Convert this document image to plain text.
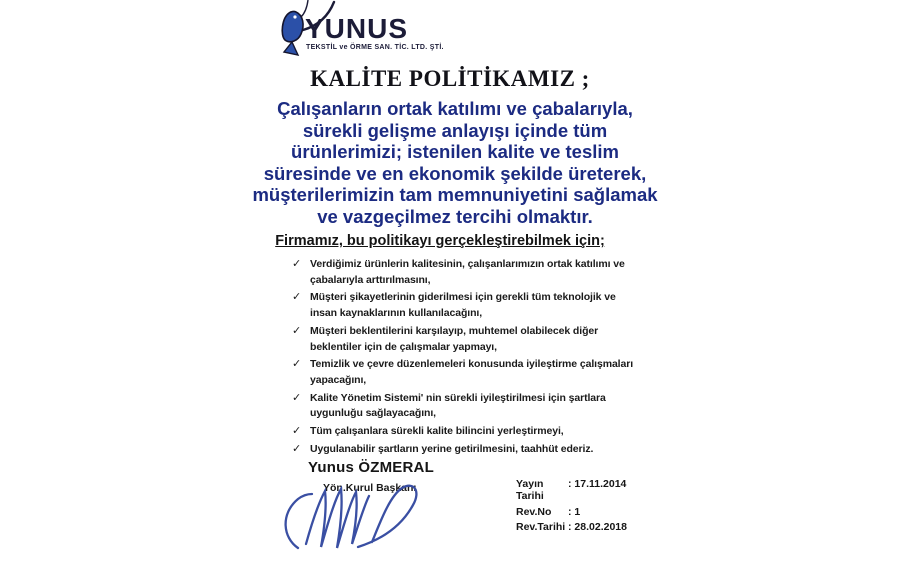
YUNUS
TEKSTİL ve ÖRME SAN. TİC. LTD. ŞTİ.
KALİTE POLİTİKAMIZ ;
Çalışanların ortak katılımı ve çabalarıyla,
sürekli gelişme anlayışı içinde tüm
ürünlerimizi; istenilen kalite ve teslim
süresinde ve en ekonomik şekilde üreterek,
müşterilerimizin tam memnuniyetini sağlamak
ve vazgeçilmez tercihi olmaktır.
Firmamız, bu politikayı gerçekleştirebilmek için;
✓ Verdiğimiz ürünlerin kalitesinin, çalışanlarımızın ortak katılımı ve çabalarıyla arttırılmasını,
✓ Müşteri şikayetlerinin giderilmesi için gerekli tüm teknolojik ve insan kaynaklarının kullanılacağını,
✓ Müşteri beklentilerini karşılayıp, muhtemel olabilecek diğer beklentiler için de çalışmalar yapmayı,
✓ Temizlik ve çevre düzenlemeleri konusunda iyileştirme çalışmaları yapacağını,
✓ Kalite Yönetim Sistemi' nin sürekli iyileştirilmesi için şartlara uygunluğu sağlayacağını,
✓ Tüm çalışanlara sürekli kalite bilincini yerleştirmeyi,
✓ Uygulanabilir şartların yerine getirilmesini, taahhüt ederiz.
Yunus ÖZMERAL
Yön.Kurul Başkanı	Yayın Tarihi
: 17.11.2014
Rev.No	: 1
Rev.Tarihi : 28.02.2018
